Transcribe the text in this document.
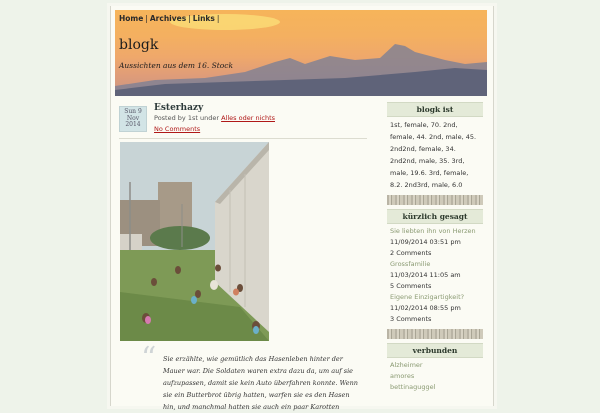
Home | Archives | Links |
blogk
Aussichten aus dem 16. Stock
Sun 9
Nov
2014
Esterhazy
Posted by 1st under Alles oder nichts
No Comments
“ Sie erzählte, wie gemütlich das Hasenleben hinter der Mauer war. Die Soldaten waren extra dazu da, um auf sie aufzupassen, damit sie kein Auto überfahren konnte. Wenn sie ein Butterbrot übrig hatten, warfen sie es den Hasen hin, und manchmal hatten sie auch ein paar Karotten

blogk ist
1st, female, 70. 2nd, female, 44. 2nd, male, 45. 2nd2nd, female, 34. 2nd2nd, male, 35. 3rd, male, 19.6. 3rd, female, 8.2. 2nd3rd, male, 6.0
kürzlich gesagt
Sie liebten ihn von Herzen
11/09/2014 03:51 pm
2 Comments
Grossfamilie
11/03/2014 11:05 am
5 Comments
Eigene Einzigartigkeit?
11/02/2014 08:55 pm
3 Comments
verbunden
Alzheimer
amores
bettinaguggel
